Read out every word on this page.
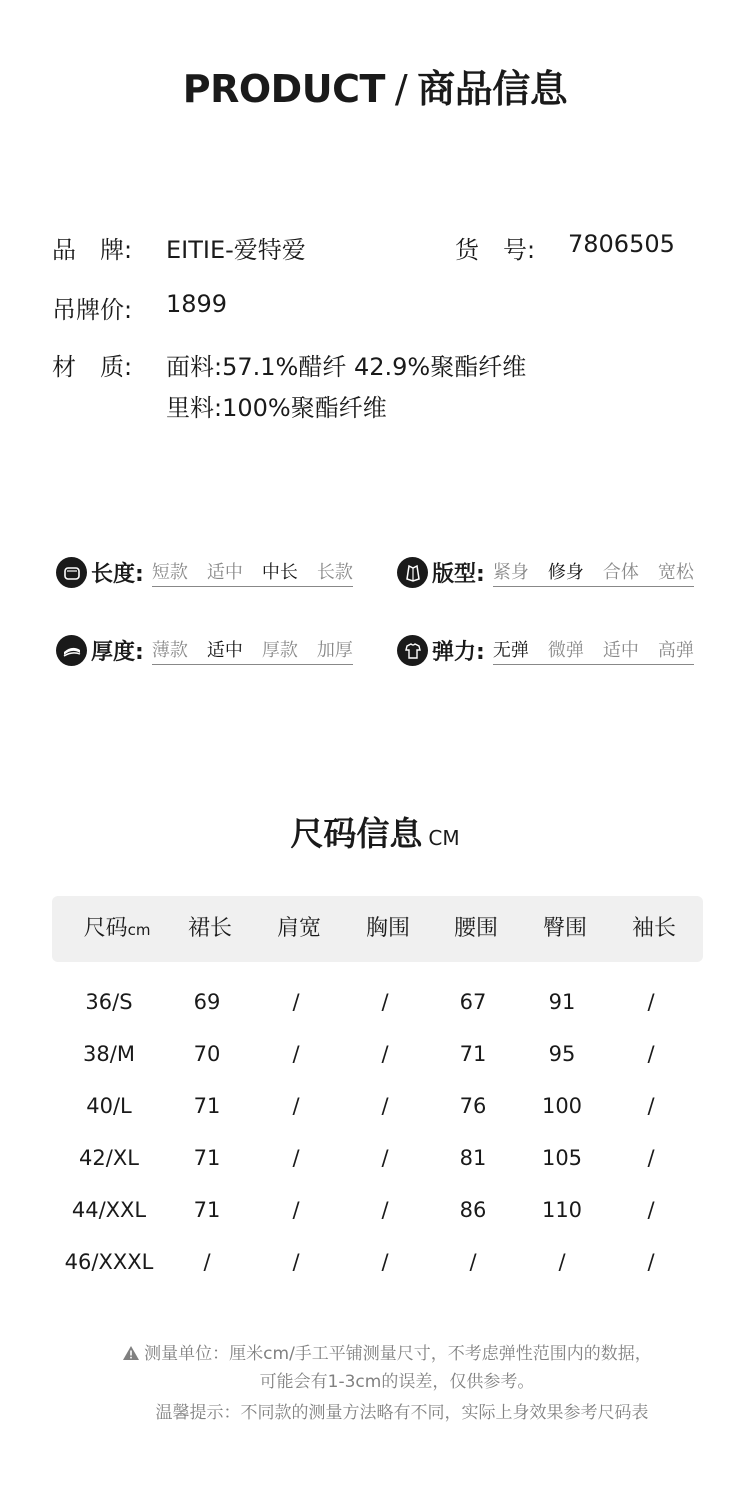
PRODUCT / 商品信息
品　牌: EITIE-爱特爱	货　号: 7806505
吊牌价: 1899
材　质: 面料:57.1%醋纤 42.9%聚酯纤维
里料:100%聚酯纤维
长度: 短款 适中 中长 长款	版型: 紧身 修身 合体 宽松
厚度: 薄款 适中 厚款 加厚	弹力: 无弹 微弹 适中 高弹
尺码信息 CM
尺码cm	裙长	肩宽	胸围	腰围	臀围	袖长
36/S	69	/	/	67	91	/
38/M	70	/	/	71	95	/
40/L	71	/	/	76	100	/
42/XL	71	/	/	81	105	/
44/XXL	71	/	/	86	110	/
46/XXXL	/	/	/	/	/	/
测量单位：厘米cm/手工平铺测量尺寸，不考虑弹性范围内的数据，
可能会有1-3cm的误差，仅供参考。
温馨提示：不同款的测量方法略有不同，实际上身效果参考尺码表
